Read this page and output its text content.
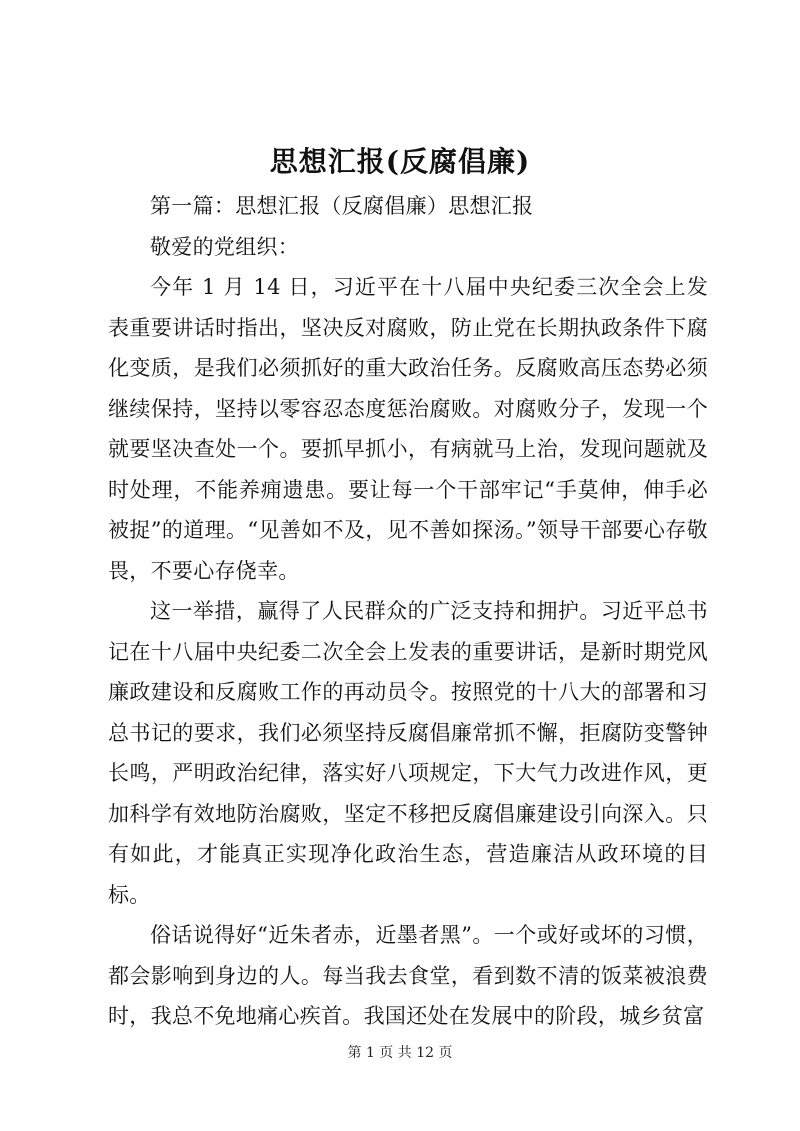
思想汇报(反腐倡廉)

第一篇：思想汇报（反腐倡廉）思想汇报

敬爱的党组织：

今年 1 月 14 日，习近平在十八届中央纪委三次全会上发表重要讲话时指出，坚决反对腐败，防止党在长期执政条件下腐化变质，是我们必须抓好的重大政治任务。反腐败高压态势必须继续保持，坚持以零容忍态度惩治腐败。对腐败分子，发现一个就要坚决查处一个。要抓早抓小，有病就马上治，发现问题就及时处理，不能养痈遗患。要让每一个干部牢记“手莫伸，伸手必被捉”的道理。“见善如不及，见不善如探汤。”领导干部要心存敬畏，不要心存侥幸。

这一举措，赢得了人民群众的广泛支持和拥护。习近平总书记在十八届中央纪委二次全会上发表的重要讲话，是新时期党风廉政建设和反腐败工作的再动员令。按照党的十八大的部署和习总书记的要求，我们必须坚持反腐倡廉常抓不懈，拒腐防变警钟长鸣，严明政治纪律，落实好八项规定，下大气力改进作风，更加科学有效地防治腐败，坚定不移把反腐倡廉建设引向深入。只有如此，才能真正实现净化政治生态，营造廉洁从政环境的目标。

俗话说得好“近朱者赤，近墨者黑”。一个或好或坏的习惯，都会影响到身边的人。每当我去食堂，看到数不清的饭菜被浪费时，我总不免地痛心疾首。我国还处在发展中的阶段，城乡贫富

第 1 页 共 12 页
